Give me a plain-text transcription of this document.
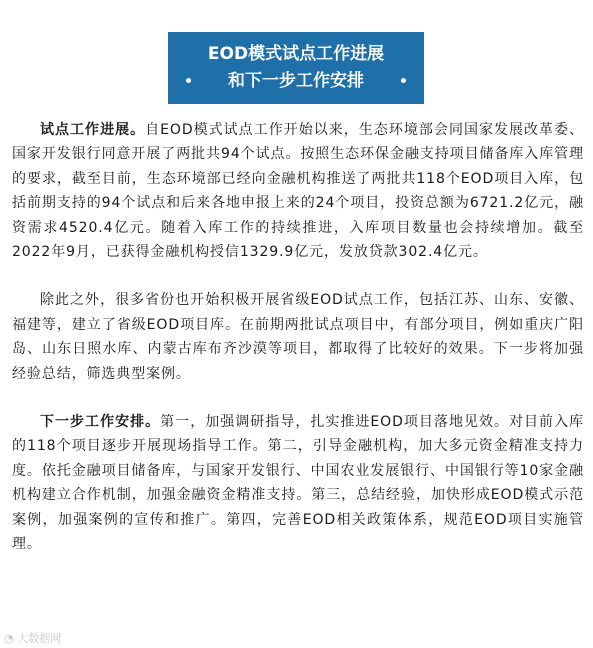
EOD模式试点工作进展
和下一步工作安排

试点工作进展。自EOD模式试点工作开始以来，生态环境部会同国家发展改革委、国家开发银行同意开展了两批共94个试点。按照生态环保金融支持项目储备库入库管理的要求，截至目前，生态环境部已经向金融机构推送了两批共118个EOD项目入库，包括前期支持的94个试点和后来各地申报上来的24个项目，投资总额为6721.2亿元，融资需求4520.4亿元。随着入库工作的持续推进，入库项目数量也会持续增加。截至2022年9月，已获得金融机构授信1329.9亿元，发放贷款302.4亿元。

除此之外，很多省份也开始积极开展省级EOD试点工作，包括江苏、山东、安徽、福建等，建立了省级EOD项目库。在前期两批试点项目中，有部分项目，例如重庆广阳岛、山东日照水库、内蒙古库布齐沙漠等项目，都取得了比较好的效果。下一步将加强经验总结，筛选典型案例。

下一步工作安排。第一，加强调研指导，扎实推进EOD项目落地见效。对目前入库的118个项目逐步开展现场指导工作。第二，引导金融机构，加大多元资金精准支持力度。依托金融项目储备库，与国家开发银行、中国农业发展银行、中国银行等10家金融机构建立合作机制，加强金融资金精准支持。第三，总结经验，加快形成EOD模式示范案例，加强案例的宣传和推广。第四，完善EOD相关政策体系，规范EOD项目实施管理。

◔ 大数据网
